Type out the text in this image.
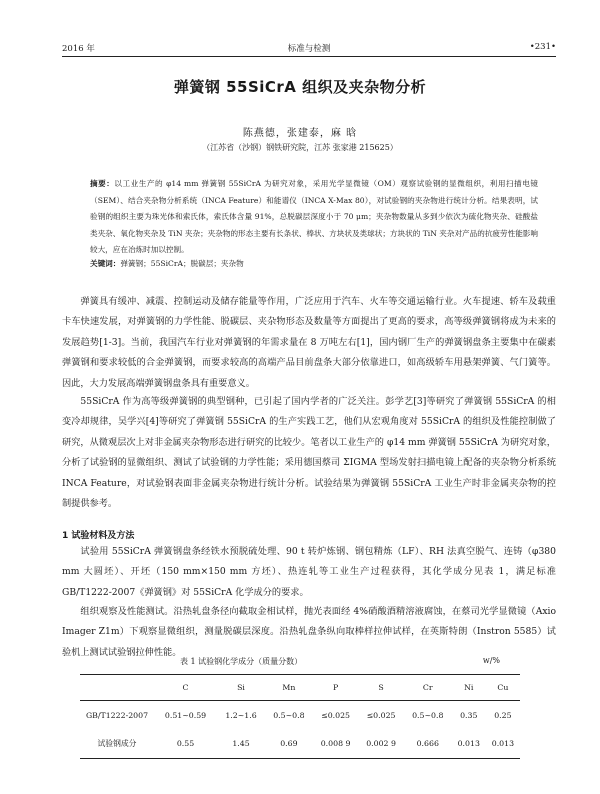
2016 年	标准与检测	•231•
弹簧钢 55SiCrA 组织及夹杂物分析
陈燕德，张建泰，麻 晗
（江苏省（沙钢）钢铁研究院，江苏 张家港 215625）
摘要：以工业生产的 φ14 mm 弹簧钢 55SiCrA 为研究对象，采用光学显微镜（OM）观察试验钢的显微组织，利用扫描电镜（SEM）、结合夹杂物分析系统（INCA Feature）和能谱仪（INCA X-Max 80），对试验钢的夹杂物进行统计分析。结果表明，试验钢的组织主要为珠光体和索氏体，索氏体含量 91%，总脱碳层深度小于 70 μm；夹杂物数量从多到少依次为硫化物夹杂、硅酸盐类夹杂、氧化物夹杂及 TiN 夹杂；夹杂物的形态主要有长条状、棒状、方块状及类球状；方块状的 TiN 夹杂对产品的抗疲劳性能影响较大，应在冶炼时加以控制。
关键词：弹簧钢；55SiCrA；脱碳层；夹杂物

弹簧具有缓冲、减震、控制运动及储存能量等作用，广泛应用于汽车、火车等交通运输行业。火车提速、轿车及载重卡车快速发展，对弹簧钢的力学性能、脱碳层、夹杂物形态及数量等方面提出了更高的要求，高等级弹簧钢将成为未来的发展趋势[1-3]。当前，我国汽车行业对弹簧钢的年需求量在 8 万吨左右[1]，国内钢厂生产的弹簧钢盘条主要集中在碳素弹簧钢和要求较低的合金弹簧钢，而要求较高的高端产品目前盘条大部分依靠进口，如高级轿车用悬架弹簧、气门簧等。因此，大力发展高端弹簧钢盘条具有重要意义。

55SiCrA 作为高等级弹簧钢的典型钢种，已引起了国内学者的广泛关注。彭学艺[3]等研究了弹簧钢 55SiCrA 的相变冷却规律，吴学兴[4]等研究了弹簧钢 55SiCrA 的生产实践工艺，他们从宏观角度对 55SiCrA 的组织及性能控制做了研究，从微观层次上对非金属夹杂物形态进行研究的比较少。笔者以工业生产的 φ14 mm 弹簧钢 55SiCrA 为研究对象，分析了试验钢的显微组织、测试了试验钢的力学性能；采用德国蔡司 ΣIGMA 型场发射扫描电镜上配备的夹杂物分析系统 INCA Feature，对试验钢表面非金属夹杂物进行统计分析。试验结果为弹簧钢 55SiCrA 工业生产时非金属夹杂物的控制提供参考。

1 试验材料及方法

试验用 55SiCrA 弹簧钢盘条经铁水预脱硫处理、90 t 转炉炼钢、钢包精炼（LF）、RH 法真空脱气、连铸（φ380 mm 大圆坯）、开坯（150 mm×150 mm 方坯）、热连轧等工业生产过程获得，其化学成分见表 1，满足标准 GB/T1222-2007《弹簧钢》对 55SiCrA 化学成分的要求。

组织观察及性能测试。沿热轧盘条径向截取金相试样，抛光表面经 4%硝酸酒精溶液腐蚀，在蔡司光学显微镜（Axio Imager Z1m）下观察显微组织，测量脱碳层深度。沿热轧盘条纵向取棒样拉伸试样，在英斯特朗（Instron 5585）试验机上测试试验钢拉伸性能。

表 1 试验钢化学成分（质量分数）	w/%
	C	Si	Mn	P	S	Cr	Ni	Cu
GB/T1222-2007	0.51~0.59	1.2~1.6	0.5~0.8	≤0.025	≤0.025	0.5~0.8	0.35	0.25
试验钢成分	0.55	1.45	0.69	0.008 9	0.002 9	0.666	0.013	0.013
